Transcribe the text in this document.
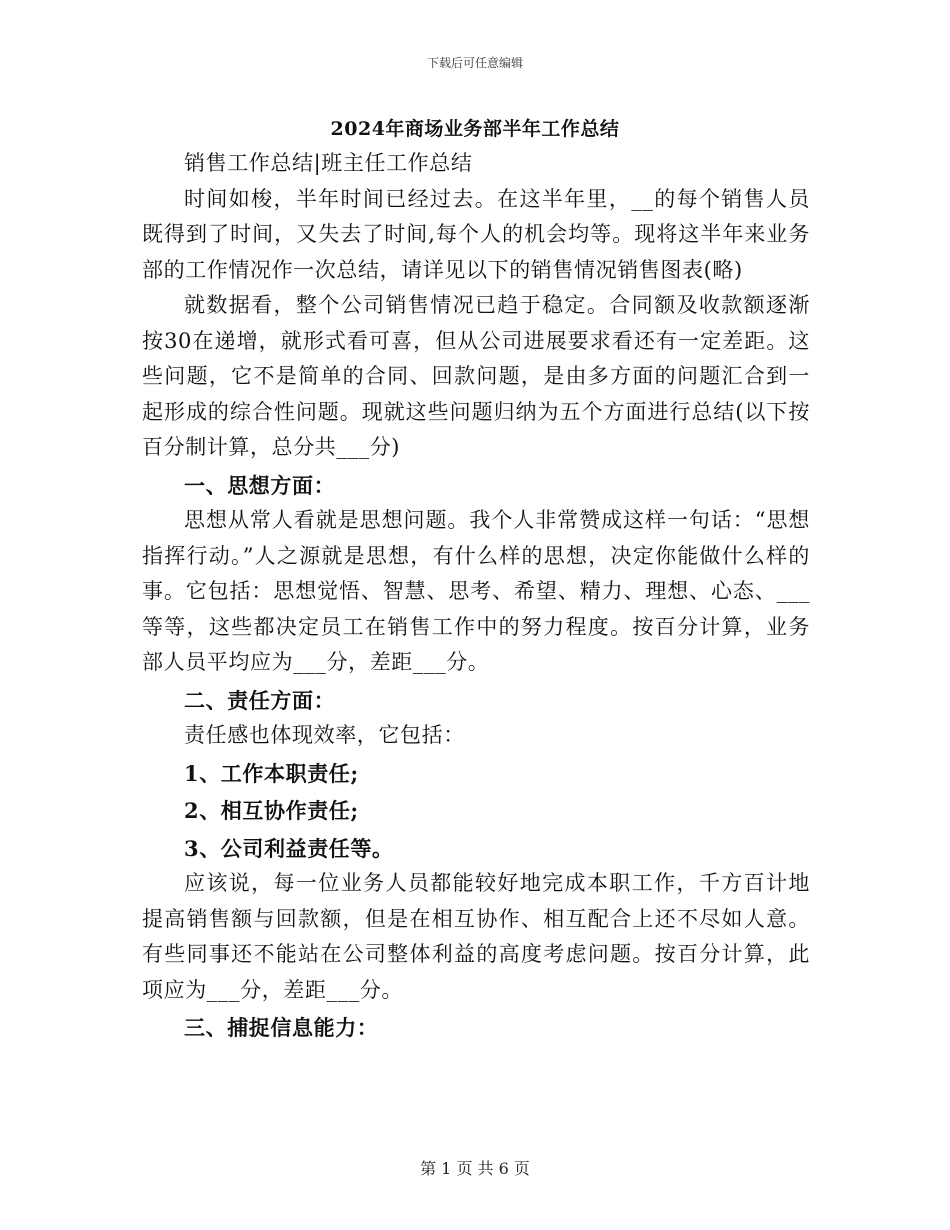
下载后可任意编辑
2024年商场业务部半年工作总结

销售工作总结|班主任工作总结

时间如梭，半年时间已经过去。在这半年里，__的每个销售人员既得到了时间，又失去了时间,每个人的机会均等。现将这半年来业务部的工作情况作一次总结，请详见以下的销售情况销售图表(略)

就数据看，整个公司销售情况已趋于稳定。合同额及收款额逐渐按30在递增，就形式看可喜，但从公司进展要求看还有一定差距。这些问题，它不是简单的合同、回款问题，是由多方面的问题汇合到一起形成的综合性问题。现就这些问题归纳为五个方面进行总结(以下按百分制计算，总分共___分)

一、思想方面：

思想从常人看就是思想问题。我个人非常赞成这样一句话：“思想指挥行动。”人之源就是思想，有什么样的思想，决定你能做什么样的事。它包括：思想觉悟、智慧、思考、希望、精力、理想、心态、___等等，这些都决定员工在销售工作中的努力程度。按百分计算，业务部人员平均应为___分，差距___分。

二、责任方面：

责任感也体现效率，它包括：

1、工作本职责任;

2、相互协作责任;

3、公司利益责任等。

应该说，每一位业务人员都能较好地完成本职工作，千方百计地提高销售额与回款额，但是在相互协作、相互配合上还不尽如人意。有些同事还不能站在公司整体利益的高度考虑问题。按百分计算，此项应为___分，差距___分。

三、捕捉信息能力：

第 1 页 共 6 页
